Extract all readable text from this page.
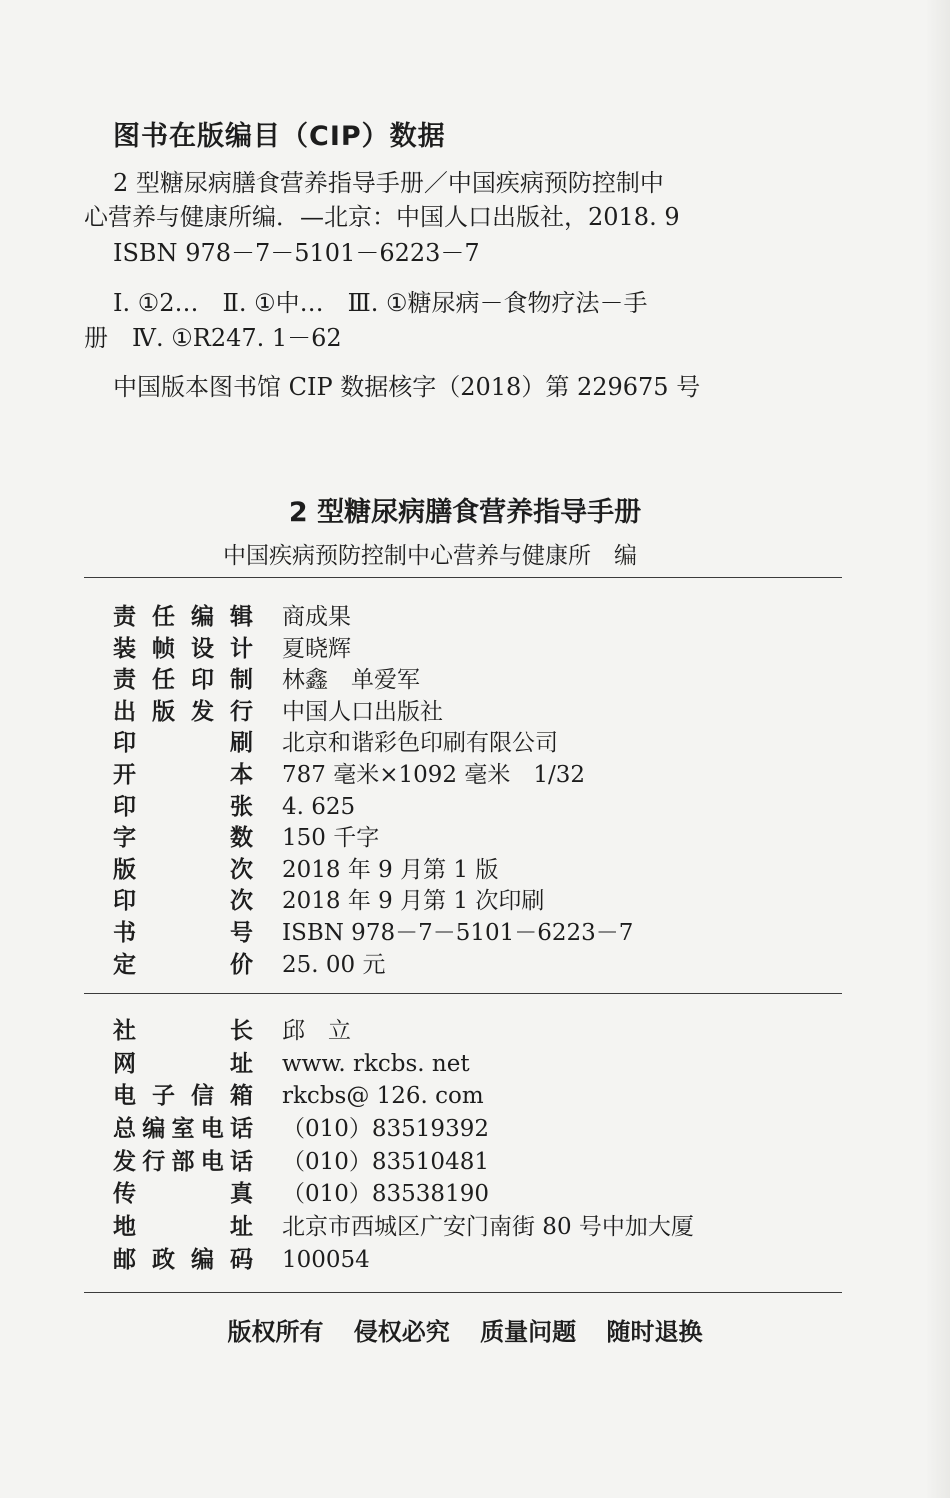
图书在版编目（CIP）数据
2 型糖尿病膳食营养指导手册／中国疾病预防控制中
心营养与健康所编．—北京：中国人口出版社，2018. 9
ISBN 978－7－5101－6223－7
Ⅰ. ①2…　Ⅱ. ①中…　Ⅲ. ①糖尿病－食物疗法－手
册　Ⅳ. ①R247. 1－62
中国版本图书馆 CIP 数据核字（2018）第 229675 号
2 型糖尿病膳食营养指导手册
中国疾病预防控制中心营养与健康所　编
责任编辑 商成果
装帧设计 夏晓辉
责任印制 林鑫　单爱军
出版发行 中国人口出版社
印刷 北京和谐彩色印刷有限公司
开本 787 毫米×1092 毫米　1/32
印张 4. 625
字数 150 千字
版次 2018 年 9 月第 1 版
印次 2018 年 9 月第 1 次印刷
书号 ISBN 978－7－5101－6223－7
定价 25. 00 元
社长 邱　立
网址 www. rkcbs. net
电子信箱 rkcbs@ 126. com
总编室电话 （010）83519392
发行部电话 （010）83510481
传真 （010）83538190
地址 北京市西城区广安门南街 80 号中加大厦
邮政编码 100054
版权所有 侵权必究 质量问题 随时退换
